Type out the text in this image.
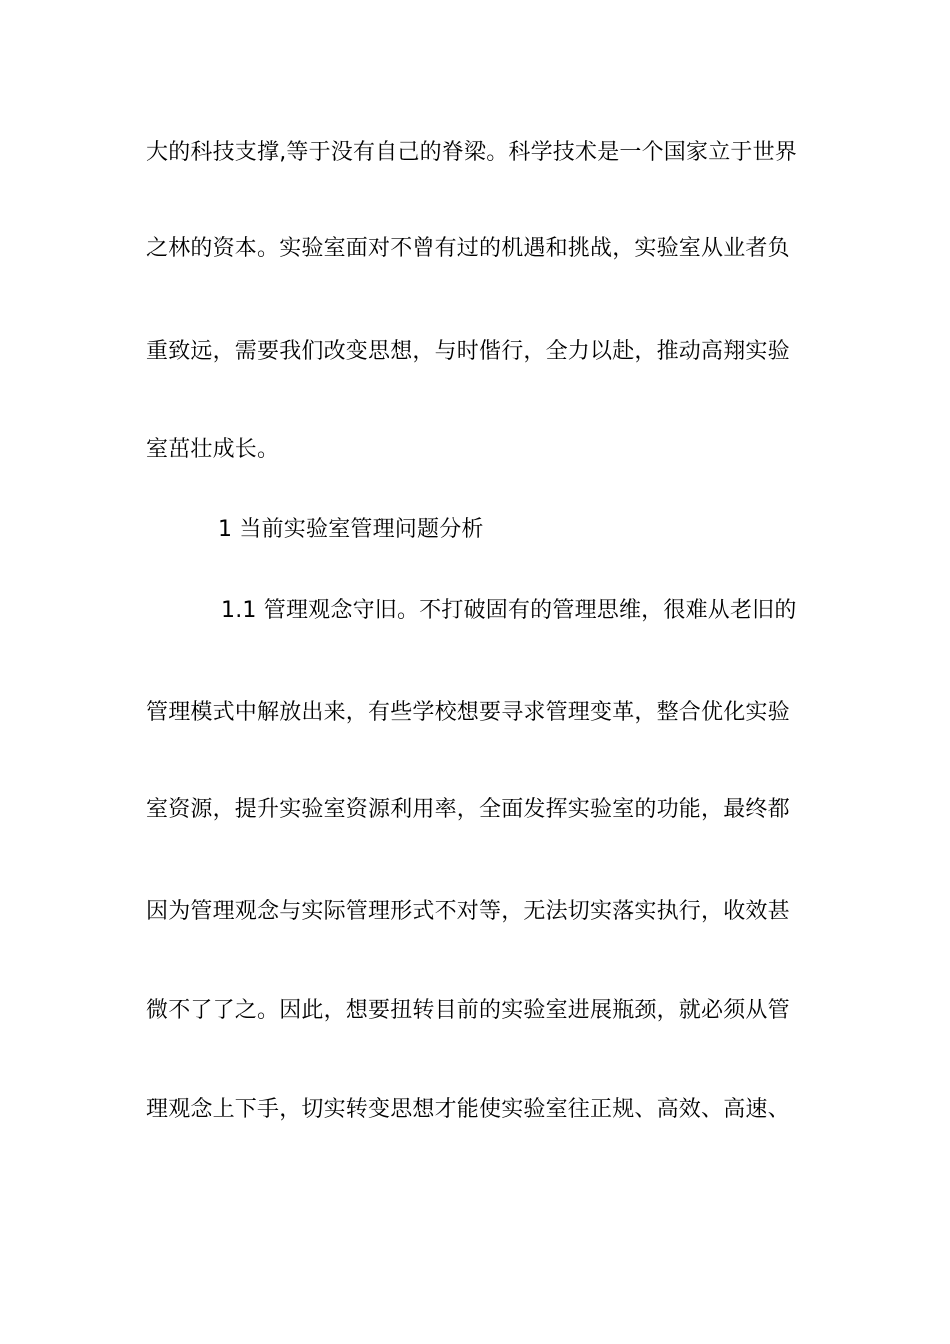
大的科技支撑,等于没有自己的脊梁。科学技术是一个国家立于世界
之林的资本。实验室面对不曾有过的机遇和挑战，实验室从业者负
重致远，需要我们改变思想，与时偕行，全力以赴，推动高翔实验
室茁壮成长。
1 当前实验室管理问题分析
1.1 管理观念守旧。不打破固有的管理思维，很难从老旧的
管理模式中解放出来，有些学校想要寻求管理变革，整合优化实验
室资源，提升实验室资源利用率，全面发挥实验室的功能，最终都
因为管理观念与实际管理形式不对等，无法切实落实执行，收效甚
微不了了之。因此，想要扭转目前的实验室进展瓶颈，就必须从管
理观念上下手，切实转变思想才能使实验室往正规、高效、高速、
